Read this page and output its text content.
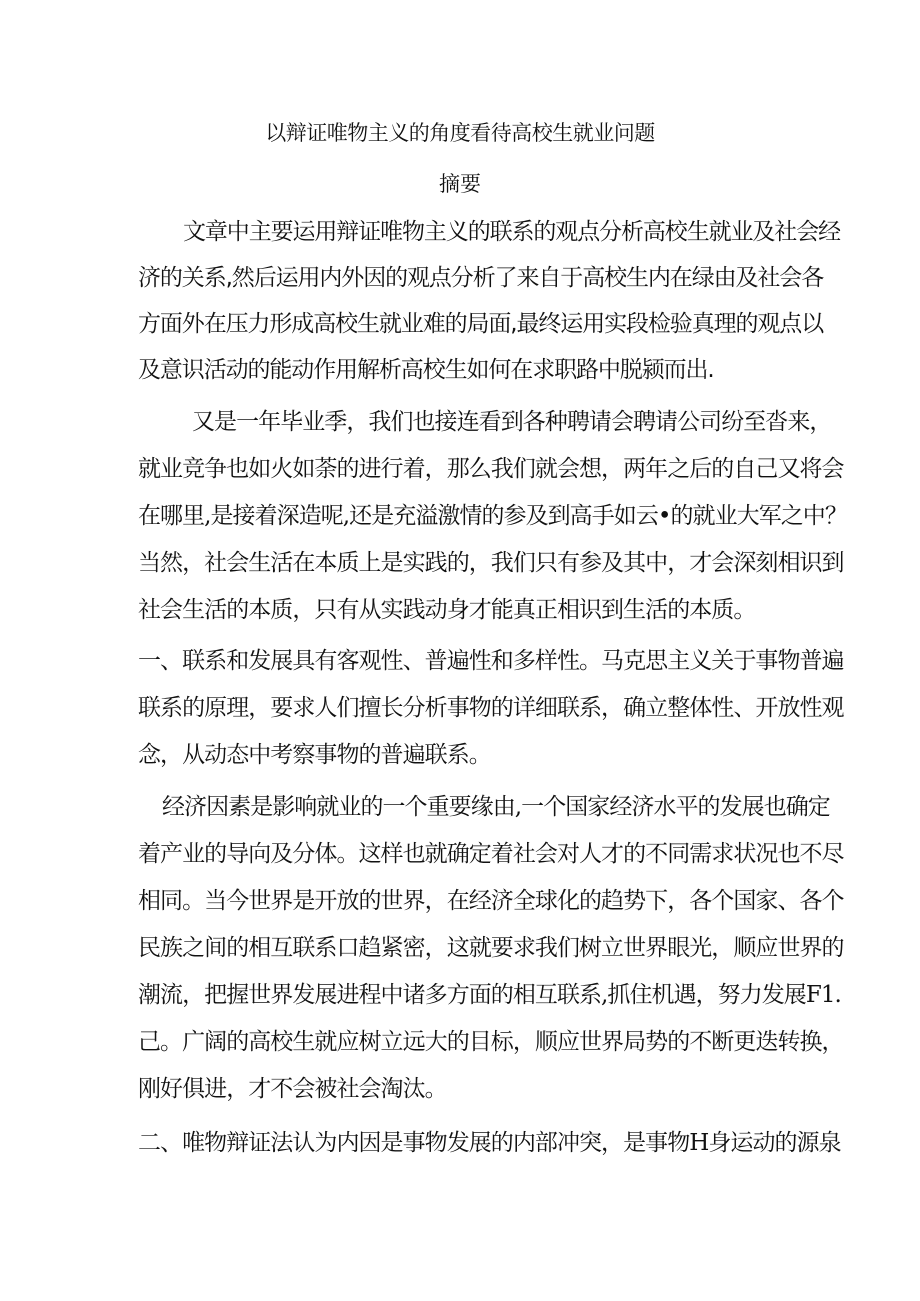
以辩证唯物主义的角度看待高校生就业问题
摘要
文章中主要运用辩证唯物主义的联系的观点分析高校生就业及社会经
济的关系,然后运用内外因的观点分析了来自于高校生内在绿由及社会各
方面外在压力形成高校生就业难的局面,最终运用实段检验真理的观点以
及意识活动的能动作用解析高校生如何在求职路中脱颍而出.
又是一年毕业季，我们也接连看到各种聘请会聘请公司纷至沓来，
就业竞争也如火如荼的进行着，那么我们就会想，两年之后的自己又将会
在哪里,是接着深造呢,还是充溢激情的参及到高手如云•的就业大军之中？
当然，社会生活在本质上是实践的，我们只有参及其中，才会深刻相识到
社会生活的本质，只有从实践动身才能真正相识到生活的本质。
一、联系和发展具有客观性、普遍性和多样性。马克思主义关于事物普遍
联系的原理，要求人们擅长分析事物的详细联系，确立整体性、开放性观
念，从动态中考察事物的普遍联系。
经济因素是影响就业的一个重要缘由,一个国家经济水平的发展也确定
着产业的导向及分体。这样也就确定着社会对人才的不同需求状况也不尽
相同。当今世界是开放的世界，在经济全球化的趋势下，各个国家、各个
民族之间的相互联系口趋紧密，这就要求我们树立世界眼光，顺应世界的
潮流，把握世界发展进程中诸多方面的相互联系,抓住机遇，努力发展F1.
己。广阔的高校生就应树立远大的目标，顺应世界局势的不断更迭转换，
刚好俱进，才不会被社会淘汰。
二、唯物辩证法认为内因是事物发展的内部冲突，是事物H身运动的源泉
